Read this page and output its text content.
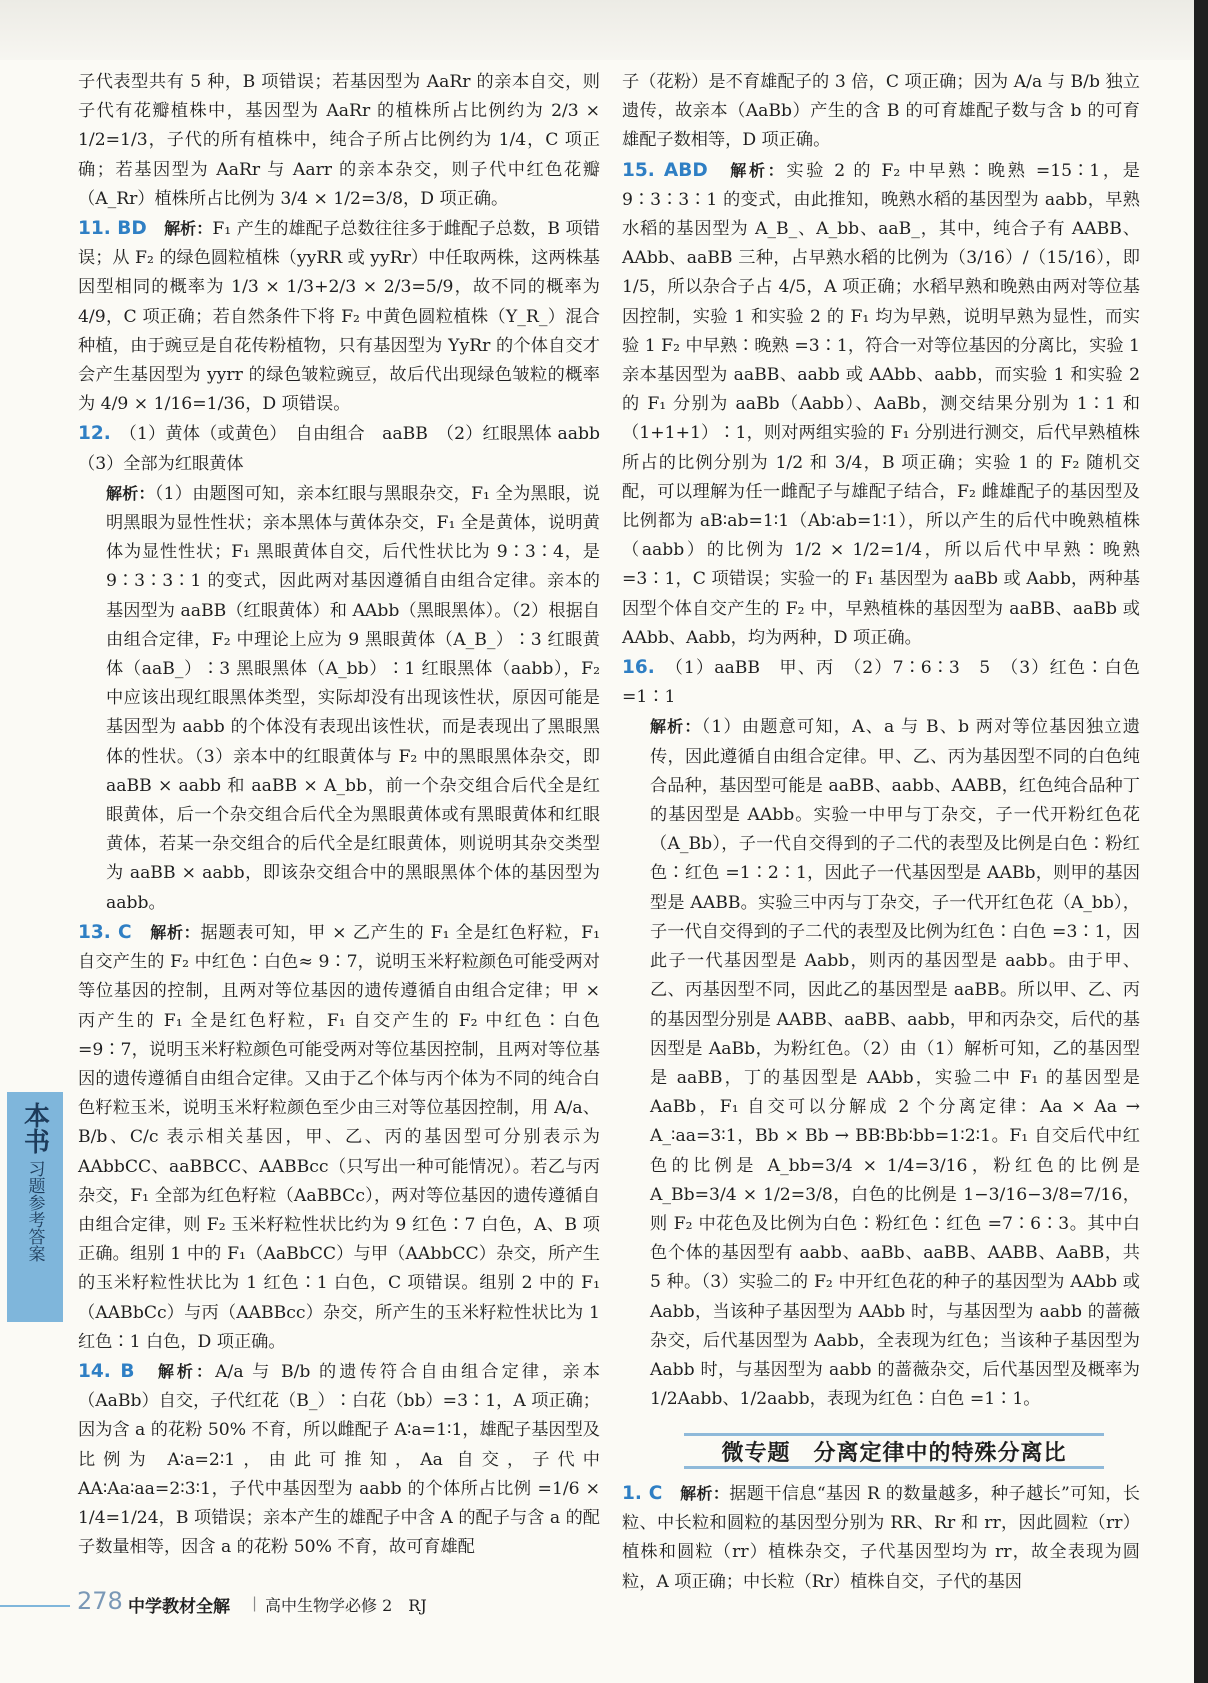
子代表型共有 5 种，B 项错误；若基因型为 AaRr 的亲本自交，则子代有花瓣植株中，基因型为 AaRr 的植株所占比例约为 2/3 × 1/2=1/3，子代的所有植株中，纯合子所占比例约为 1/4，C 项正确；若基因型为 AaRr 与 Aarr 的亲本杂交，则子代中红色花瓣（A_Rr）植株所占比例为 3/4 × 1/2=3/8，D 项正确。

11. BD　 解析：F₁ 产生的雄配子总数往往多于雌配子总数，B 项错误；从 F₂ 的绿色圆粒植株（yyRR 或 yyRr）中任取两株，这两株基因型相同的概率为 1/3 × 1/3+2/3 × 2/3=5/9，故不同的概率为 4/9，C 项正确；若自然条件下将 F₂ 中黄色圆粒植株（Y_R_）混合种植，由于豌豆是自花传粉植物，只有基因型为 YyRr 的个体自交才会产生基因型为 yyrr 的绿色皱粒豌豆，故后代出现绿色皱粒的概率为 4/9 × 1/16=1/36，D 项错误。

12.　 （1）黄体（或黄色）　自由组合　aaBB　（2）红眼黑体 aabb　（3）全部为红眼黄体

解析：（1）由题图可知，亲本红眼与黑眼杂交，F₁ 全为黑眼，说明黑眼为显性性状；亲本黑体与黄体杂交，F₁ 全是黄体，说明黄体为显性性状；F₁ 黑眼黄体自交，后代性状比为 9∶3∶4，是 9∶3∶3∶1 的变式，因此两对基因遵循自由组合定律。亲本的基因型为 aaBB（红眼黄体）和 AAbb（黑眼黑体）。（2）根据自由组合定律，F₂ 中理论上应为 9 黑眼黄体（A_B_）∶3 红眼黄体（aaB_）∶3 黑眼黑体（A_bb）∶1 红眼黑体（aabb），F₂ 中应该出现红眼黑体类型，实际却没有出现该性状，原因可能是基因型为 aabb 的个体没有表现出该性状，而是表现出了黑眼黑体的性状。（3）亲本中的红眼黄体与 F₂ 中的黑眼黑体杂交，即 aaBB × aabb 和 aaBB × A_bb，前一个杂交组合后代全是红眼黄体，后一个杂交组合后代全为黑眼黄体或有黑眼黄体和红眼黄体，若某一杂交组合的后代全是红眼黄体，则说明其杂交类型为 aaBB × aabb，即该杂交组合中的黑眼黑体个体的基因型为 aabb。

13. C　 解析：据题表可知，甲 × 乙产生的 F₁ 全是红色籽粒，F₁ 自交产生的 F₂ 中红色∶白色≈ 9∶7，说明玉米籽粒颜色可能受两对等位基因的控制，且两对等位基因的遗传遵循自由组合定律；甲 × 丙产生的 F₁ 全是红色籽粒，F₁ 自交产生的 F₂ 中红色∶白色 =9∶7，说明玉米籽粒颜色可能受两对等位基因控制，且两对等位基因的遗传遵循自由组合定律。又由于乙个体与丙个体为不同的纯合白色籽粒玉米，说明玉米籽粒颜色至少由三对等位基因控制，用 A/a、B/b、C/c 表示相关基因，甲、乙、丙的基因型可分别表示为 AAbbCC、aaBBCC、AABBcc（只写出一种可能情况）。若乙与丙杂交，F₁ 全部为红色籽粒（AaBBCc），两对等位基因的遗传遵循自由组合定律，则 F₂ 玉米籽粒性状比约为 9 红色∶7 白色，A、B 项正确。组别 1 中的 F₁（AaBbCC）与甲（AAbbCC）杂交，所产生的玉米籽粒性状比为 1 红色∶1 白色，C 项错误。组别 2 中的 F₁（AABbCc）与丙（AABBcc）杂交，所产生的玉米籽粒性状比为 1 红色∶1 白色，D 项正确。

14. B　 解析：A/a 与 B/b 的遗传符合自由组合定律，亲本（AaBb）自交，子代红花（B_）∶白花（bb）=3∶1，A 项正确；因为含 a 的花粉 50% 不育，所以雌配子 A∶a=1∶1，雄配子基因型及比例为 A∶a=2∶1，由此可推知，Aa 自交，子代中 AA∶Aa∶aa=2∶3∶1，子代中基因型为 aabb 的个体所占比例 =1/6 × 1/4=1/24，B 项错误；亲本产生的雄配子中含 A 的配子与含 a 的配子数量相等，因含 a 的花粉 50% 不育，故可育雄配

子（花粉）是不育雄配子的 3 倍，C 项正确；因为 A/a 与 B/b 独立遗传，故亲本（AaBb）产生的含 B 的可育雄配子数与含 b 的可育雄配子数相等，D 项正确。

15. ABD　 解析：实验 2 的 F₂ 中早熟∶晚熟 =15∶1，是 9∶3∶3∶1 的变式，由此推知，晚熟水稻的基因型为 aabb，早熟水稻的基因型为 A_B_、A_bb、aaB_，其中，纯合子有 AABB、AAbb、aaBB 三种，占早熟水稻的比例为（3/16）/（15/16），即 1/5，所以杂合子占 4/5，A 项正确；水稻早熟和晚熟由两对等位基因控制，实验 1 和实验 2 的 F₁ 均为早熟，说明早熟为显性，而实验 1 F₂ 中早熟∶晚熟 =3∶1，符合一对等位基因的分离比，实验 1 亲本基因型为 aaBB、aabb 或 AAbb、aabb，而实验 1 和实验 2 的 F₁ 分别为 aaBb（Aabb）、AaBb，测交结果分别为 1∶1 和（1+1+1）∶1，则对两组实验的 F₁ 分别进行测交，后代早熟植株所占的比例分别为 1/2 和 3/4，B 项正确；实验 1 的 F₂ 随机交配，可以理解为任一雌配子与雄配子结合，F₂ 雌雄配子的基因型及比例都为 aB∶ab=1∶1（Ab∶ab=1∶1），所以产生的后代中晚熟植株（aabb）的比例为 1/2 × 1/2=1/4，所以后代中早熟∶晚熟 =3∶1，C 项错误；实验一的 F₁ 基因型为 aaBb 或 Aabb，两种基因型个体自交产生的 F₂ 中，早熟植株的基因型为 aaBB、aaBb 或 AAbb、Aabb，均为两种，D 项正确。

16.　 （1）aaBB　甲、丙　（2）7∶6∶3　5　（3）红色∶白色 =1∶1

解析：（1）由题意可知，A、a 与 B、b 两对等位基因独立遗传，因此遵循自由组合定律。甲、乙、丙为基因型不同的白色纯合品种，基因型可能是 aaBB、aabb、AABB，红色纯合品种丁的基因型是 AAbb。实验一中甲与丁杂交，子一代开粉红色花（A_Bb），子一代自交得到的子二代的表型及比例是白色∶粉红色∶红色 =1∶2∶1，因此子一代基因型是 AABb，则甲的基因型是 AABB。实验三中丙与丁杂交，子一代开红色花（A_bb），子一代自交得到的子二代的表型及比例为红色∶白色 =3∶1，因此子一代基因型是 Aabb，则丙的基因型是 aabb。由于甲、乙、丙基因型不同，因此乙的基因型是 aaBB。所以甲、乙、丙的基因型分别是 AABB、aaBB、aabb，甲和丙杂交，后代的基因型是 AaBb，为粉红色。（2）由（1）解析可知，乙的基因型是 aaBB，丁的基因型是 AAbb，实验二中 F₁ 的基因型是 AaBb，F₁ 自交可以分解成 2 个分离定律：Aa × Aa → A_∶aa=3∶1，Bb × Bb → BB∶Bb∶bb=1∶2∶1。F₁ 自交后代中红色的比例是 A_bb=3/4 × 1/4=3/16，粉红色的比例是 A_Bb=3/4 × 1/2=3/8，白色的比例是 1−3/16−3/8=7/16，则 F₂ 中花色及比例为白色∶粉红色∶红色 =7∶6∶3。其中白色个体的基因型有 aabb、aaBb、aaBB、AABB、AaBB，共 5 种。（3）实验二的 F₂ 中开红色花的种子的基因型为 AAbb 或 Aabb，当该种子基因型为 AAbb 时，与基因型为 aabb 的蔷薇杂交，后代基因型为 Aabb，全表现为红色；当该种子基因型为 Aabb 时，与基因型为 aabb 的蔷薇杂交，后代基因型及概率为 1/2Aabb、1/2aabb，表现为红色∶白色 =1∶1。

微专题　分离定律中的特殊分离比

1. C　 解析：据题干信息“基因 R 的数量越多，种子越长”可知，长粒、中长粒和圆粒的基因型分别为 RR、Rr 和 rr，因此圆粒（rr）植株和圆粒（rr）植株杂交，子代基因型均为 rr，故全表现为圆粒，A 项正确；中长粒（Rr）植株自交，子代的基因

本书
习题参考答案
278 中学教材全解 | 高中生物学必修 2　RJ
